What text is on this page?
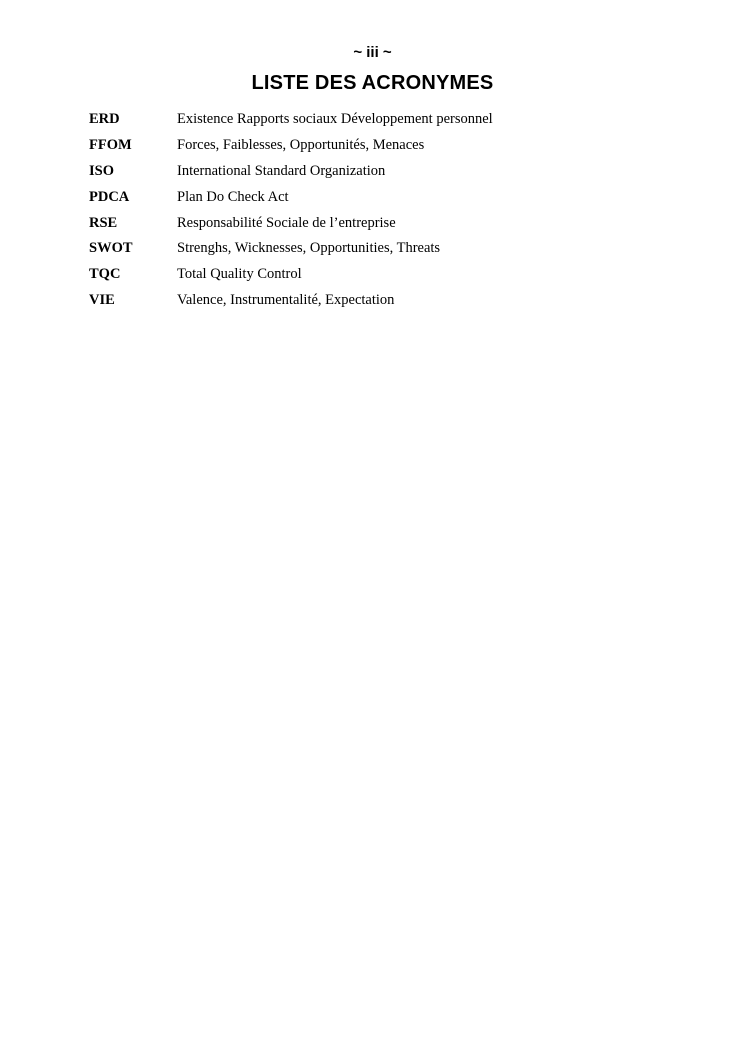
~ iii ~
LISTE DES ACRONYMES
ERD	Existence Rapports sociaux Développement personnel
FFOM	Forces, Faiblesses, Opportunités, Menaces
ISO	International Standard Organization
PDCA	Plan Do Check Act
RSE	Responsabilité Sociale de l’entreprise
SWOT	Strenghs, Wicknesses, Opportunities, Threats
TQC	Total Quality Control
VIE	Valence, Instrumentalité, Expectation
